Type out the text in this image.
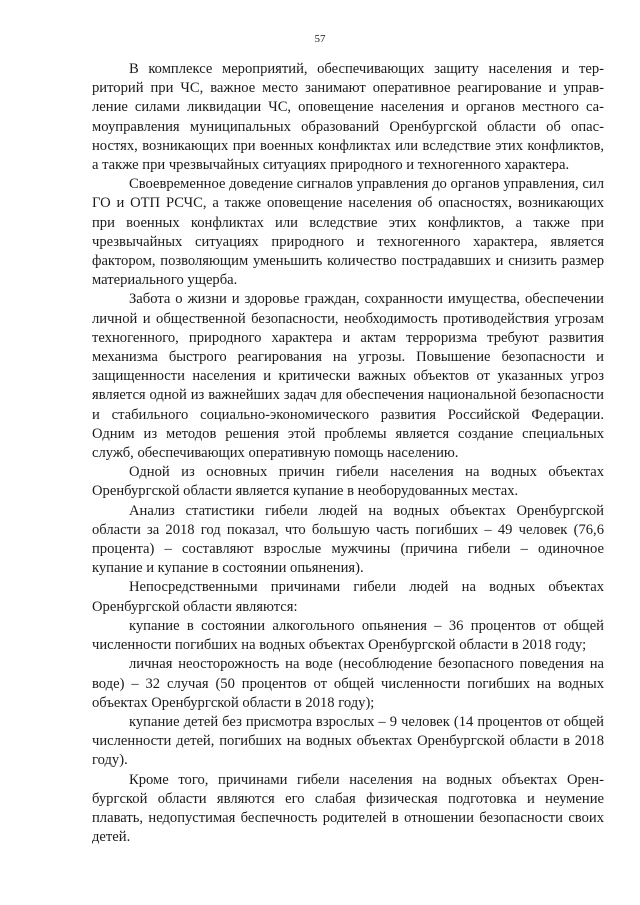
57

В комплексе мероприятий, обеспечивающих защиту населения и территорий при ЧС, важное место занимают оперативное реагирование и управление силами ликвидации ЧС, оповещение населения и органов местного самоуправления муниципальных образований Оренбургской области об опасностях, возникающих при военных конфликтах или вследствие этих конфликтов, а также при чрезвычайных ситуациях природного и техногенного характера.

Своевременное доведение сигналов управления до органов управления, сил ГО и ОТП РСЧС, а также оповещение населения об опасностях, возникающих при военных конфликтах или вследствие этих конфликтов, а также при чрезвычайных ситуациях природного и техногенного характера, является фактором, позволяющим уменьшить количество пострадавших и снизить размер материального ущерба.

Забота о жизни и здоровье граждан, сохранности имущества, обеспечении личной и общественной безопасности, необходимость противодействия угрозам техногенного, природного характера и актам терроризма требуют развития механизма быстрого реагирования на угрозы. Повышение безопасности и защищенности населения и критически важных объектов от указанных угроз является одной из важнейших задач для обеспечения национальной безопасности и стабильного социально-экономического развития Российской Федерации. Одним из методов решения этой проблемы является создание специальных служб, обеспечивающих оперативную помощь населению.

Одной из основных причин гибели населения на водных объектах Оренбургской области является купание в необорудованных местах.

Анализ статистики гибели людей на водных объектах Оренбургской области за 2018 год показал, что большую часть погибших – 49 человек (76,6 процента) – составляют взрослые мужчины (причина гибели – одиночное купание и купание в состоянии опьянения).

Непосредственными причинами гибели людей на водных объектах Оренбургской области являются:

купание в состоянии алкогольного опьянения – 36 процентов от общей численности погибших на водных объектах Оренбургской области в 2018 году;

личная неосторожность на воде (несоблюдение безопасного поведения на воде) – 32 случая (50 процентов от общей численности погибших на водных объектах Оренбургской области в 2018 году);

купание детей без присмотра взрослых – 9 человек (14 процентов от общей численности детей, погибших на водных объектах Оренбургской области в 2018 году).

Кроме того, причинами гибели населения на водных объектах Оренбургской области являются его слабая физическая подготовка и неумение плавать, недопустимая беспечность родителей в отношении безопасности своих детей.
